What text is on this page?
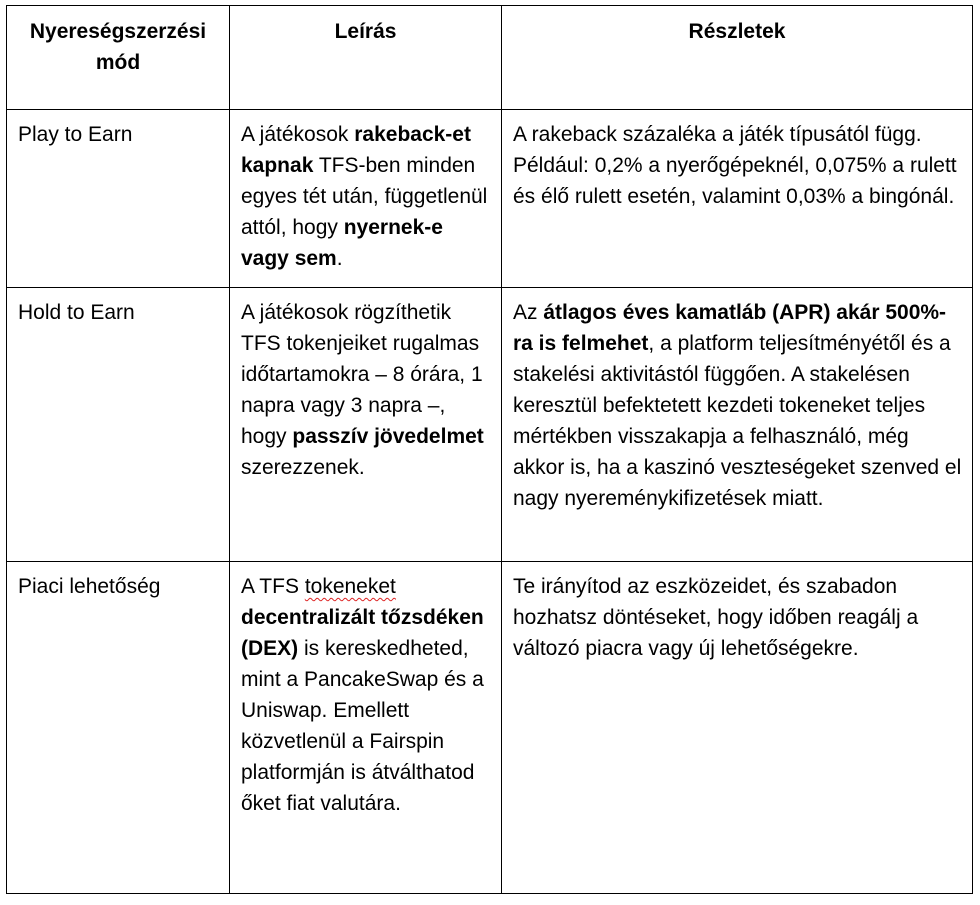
Nyereségszerzési mód	Leírás	Részletek
Play to Earn	A játékosok rakeback-et kapnak TFS-ben minden egyes tét után, függetlenül attól, hogy nyernek-e vagy sem.	A rakeback százaléka a játék típusától függ. Például: 0,2% a nyerőgépeknél, 0,075% a rulett és élő rulett esetén, valamint 0,03% a bingónál.
Hold to Earn	A játékosok rögzíthetik TFS tokenjeiket rugalmas időtartamokra – 8 órára, 1 napra vagy 3 napra –, hogy passzív jövedelmet szerezzenek.	Az átlagos éves kamatláb (APR) akár 500%-ra is felmehet, a platform teljesítményétől és a stakelési aktivitástól függően. A stakelésen keresztül befektetett kezdeti tokeneket teljes mértékben visszakapja a felhasználó, még akkor is, ha a kaszinó veszteségeket szenved el nagy nyereménykifizetések miatt.
Piaci lehetőség	A TFS tokeneket decentralizált tőzsdéken (DEX) is kereskedheted, mint a PancakeSwap és a Uniswap. Emellett közvetlenül a Fairspin platformján is átválthatod őket fiat valutára.	Te irányítod az eszközeidet, és szabadon hozhatsz döntéseket, hogy időben reagálj a változó piacra vagy új lehetőségekre.
